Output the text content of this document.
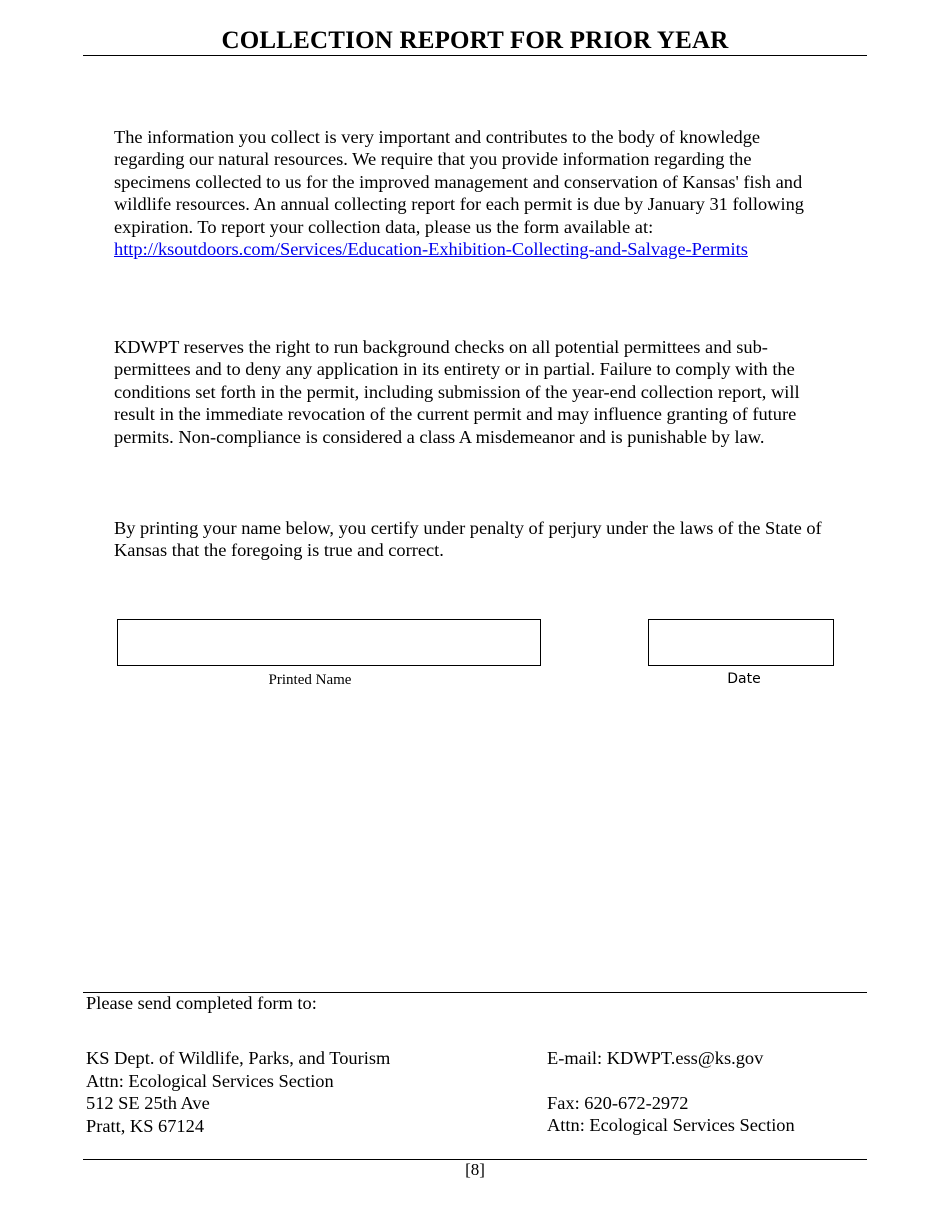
COLLECTION REPORT FOR PRIOR YEAR

The information you collect is very important and contributes to the body of knowledge
regarding our natural resources. We require that you provide information regarding the
specimens collected to us for the improved management and conservation of Kansas' fish and
wildlife resources. An annual collecting report for each permit is due by January 31 following
expiration. To report your collection data, please us the form available at:
http://ksoutdoors.com/Services/Education-Exhibition-Collecting-and-Salvage-Permits

KDWPT reserves the right to run background checks on all potential permittees and sub-
permittees and to deny any application in its entirety or in partial. Failure to comply with the
conditions set forth in the permit, including submission of the year-end collection report, will
result in the immediate revocation of the current permit and may influence granting of future
permits. Non-compliance is considered a class A misdemeanor and is punishable by law.

By printing your name below, you certify under penalty of perjury under the laws of the State of
Kansas that the foregoing is true and correct.

Printed Name	Date
Please send completed form to:
KS Dept. of Wildlife, Parks, and Tourism
Attn: Ecological Services Section
512 SE 25th Ave
Pratt, KS 67124
E-mail: KDWPT.ess@ks.gov
Fax: 620-672-2972
Attn: Ecological Services Section
[8]
